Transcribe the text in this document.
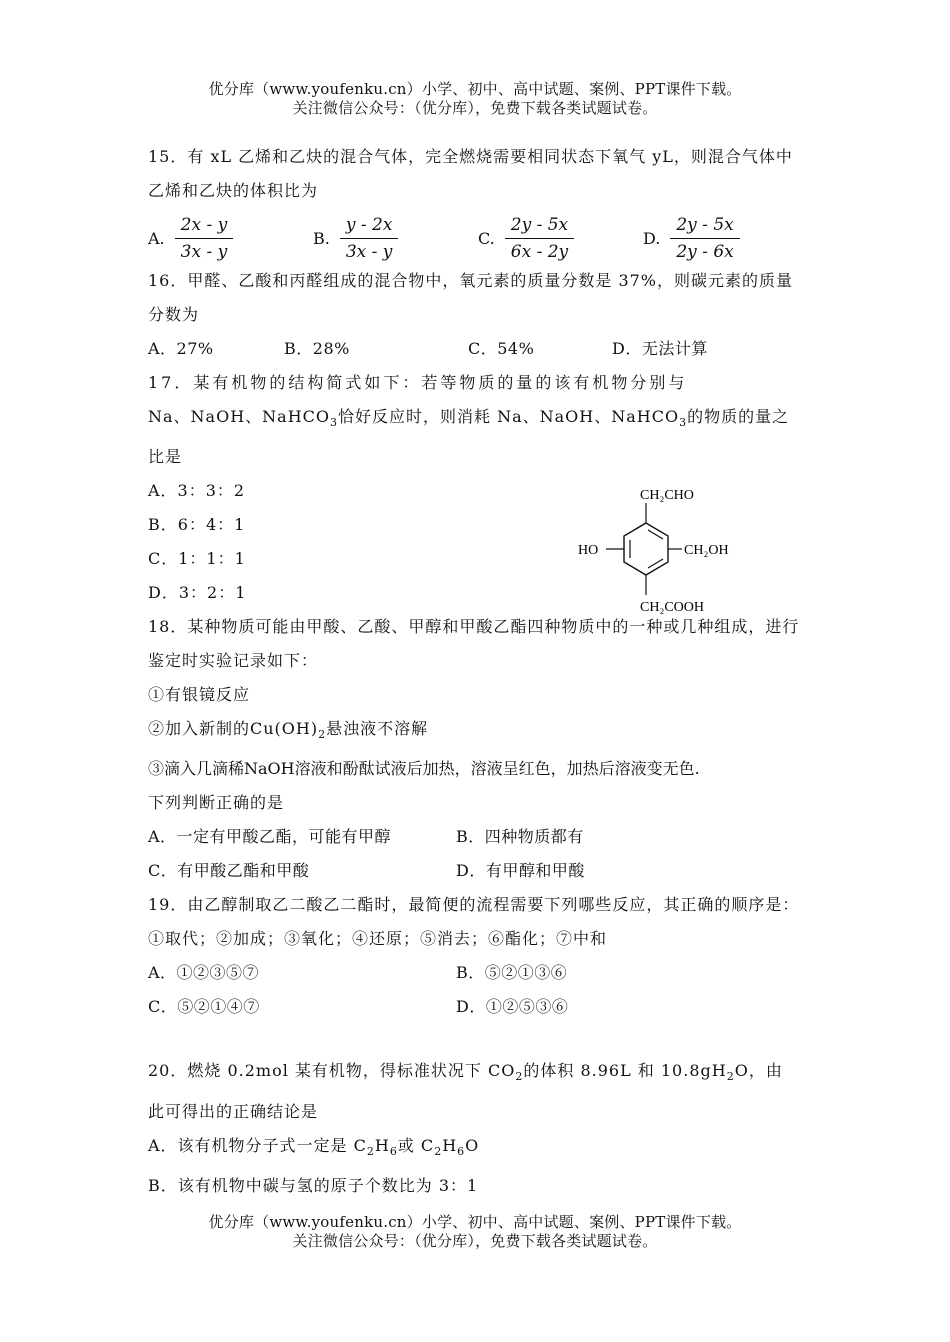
优分库（www.youfenku.cn）小学、初中、高中试题、案例、PPT课件下载。
关注微信公众号：（优分库），免费下载各类试题试卷。
15．有 xL 乙烯和乙炔的混合气体，完全燃烧需要相同状态下氧气 yL，则混合气体中乙烯和乙炔的体积比为
A. $\frac{2x - y}{3x - y}$	B. $\frac{y - 2x}{3x - y}$	C. $\frac{2y - 5x}{6x - 2y}$	D. $\frac{2y - 5x}{2y - 6x}$
16．甲醛、乙酸和丙醛组成的混合物中，氧元素的质量分数是 37%，则碳元素的质量分数为
A．27%	B．28%	C．54%	D．无法计算
17．某有机物的结构简式如下：若等物质的量的该有机物分别与
Na、NaOH、NaHCO$_3$恰好反应时，则消耗 Na、NaOH、NaHCO$_3$的物质的量之
比是
A．3：3：2
B．6：4：1
C．1：1：1
D．3：2：1
CH₂CHO
HO	CH₂OH
CH₂COOH
18．某种物质可能由甲酸、乙酸、甲醇和甲酸乙酯四种物质中的一种或几种组成，进行鉴定时实验记录如下：
①有银镜反应
②加入新制的$Cu(OH)_2$悬浊液不溶解
③滴入几滴稀NaOH溶液和酚酞试液后加热，溶液呈红色，加热后溶液变无色.
下列判断正确的是
A．一定有甲酸乙酯，可能有甲醇	B．四种物质都有
C．有甲酸乙酯和甲酸	D．有甲醇和甲酸
19．由乙醇制取乙二酸乙二酯时，最简便的流程需要下列哪些反应，其正确的顺序是：①取代；②加成；③氧化；④还原；⑤消去；⑥酯化；⑦中和
A．①②③⑤⑦	B．⑤②①③⑥
C．⑤②①④⑦	D．①②⑤③⑥
20．燃烧 0.2mol 某有机物，得标准状况下 $CO_2$的体积 8.96L 和 $10.8gH_2O$，由
此可得出的正确结论是
A．该有机物分子式一定是 $C_2H_6$或 $C_2H_6O$
B．该有机物中碳与氢的原子个数比为 3：1
优分库（www.youfenku.cn）小学、初中、高中试题、案例、PPT课件下载。
关注微信公众号：（优分库），免费下载各类试题试卷。
